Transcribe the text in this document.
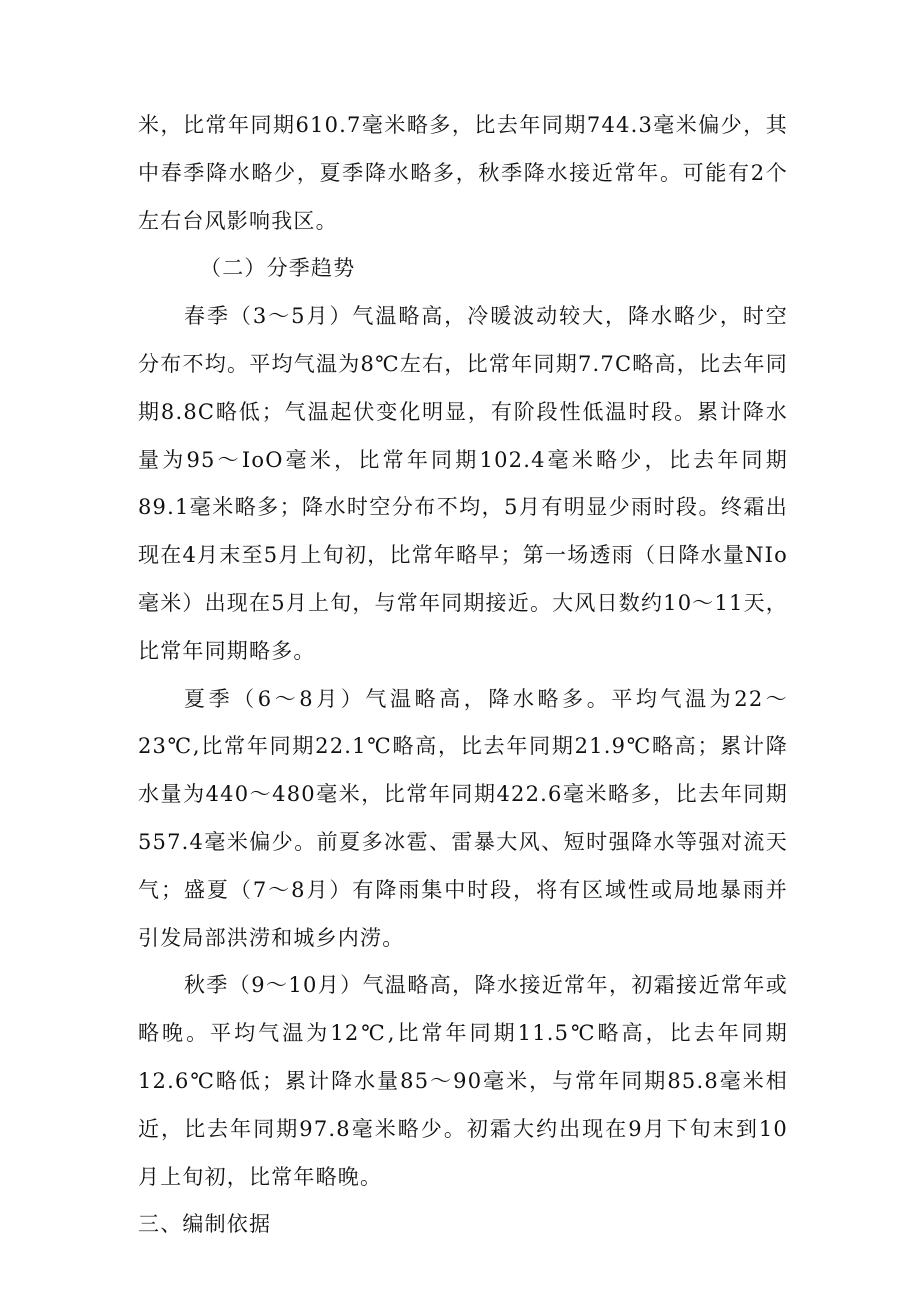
米，比常年同期610.7毫米略多，比去年同期744.3毫米偏少，其中春季降水略少，夏季降水略多，秋季降水接近常年。可能有2个左右台风影响我区。

（二）分季趋势

春季（3～5月）气温略高，冷暖波动较大，降水略少，时空分布不均。平均气温为8℃左右，比常年同期7.7C略高，比去年同期8.8C略低；气温起伏变化明显，有阶段性低温时段。累计降水量为95～IoO毫米，比常年同期102.4毫米略少，比去年同期89.1毫米略多；降水时空分布不均，5月有明显少雨时段。终霜出现在4月末至5月上旬初，比常年略早；第一场透雨（日降水量NIo毫米）出现在5月上旬，与常年同期接近。大风日数约10～11天，比常年同期略多。

夏季（6～8月）气温略高，降水略多。平均气温为22～23℃,比常年同期22.1℃略高，比去年同期21.9℃略高；累计降水量为440～480毫米，比常年同期422.6毫米略多，比去年同期557.4毫米偏少。前夏多冰雹、雷暴大风、短时强降水等强对流天气；盛夏（7～8月）有降雨集中时段，将有区域性或局地暴雨并引发局部洪涝和城乡内涝。

秋季（9～10月）气温略高，降水接近常年，初霜接近常年或略晚。平均气温为12℃,比常年同期11.5℃略高，比去年同期12.6℃略低；累计降水量85～90毫米，与常年同期85.8毫米相近，比去年同期97.8毫米略少。初霜大约出现在9月下旬末到10月上旬初，比常年略晚。

三、编制依据
